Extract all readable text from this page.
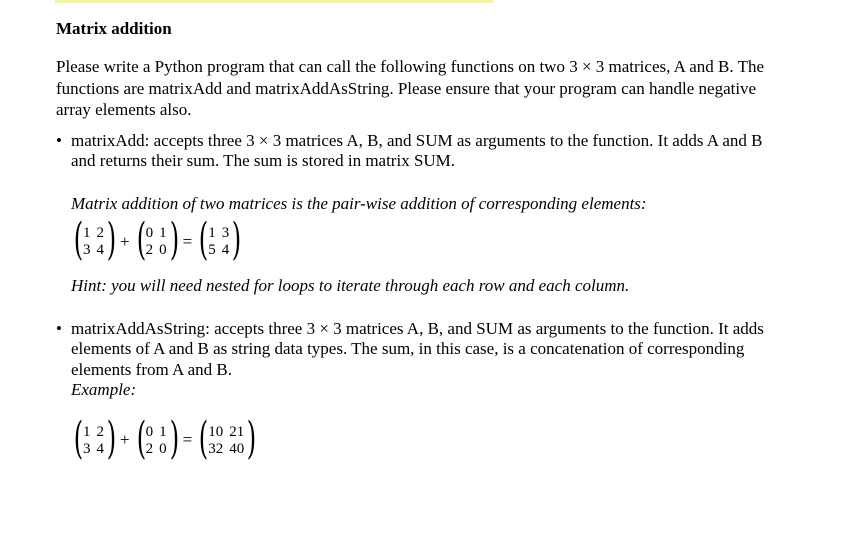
Matrix addition

Please write a Python program that can call the following functions on two 3 × 3 matrices, A and B. The functions are matrixAdd and matrixAddAsString. Please ensure that your program can handle negative array elements also.

• matrixAdd: accepts three 3 × 3 matrices A, B, and SUM as arguments to the function. It adds A and B and returns their sum. The sum is stored in matrix SUM.
Matrix addition of two matrices is the pair-wise addition of corresponding elements:
( 1 2
3 4 ) + ( 0 1
2 0 ) = ( 1 3
5 4 )
Hint: you will need nested for loops to iterate through each row and each column.
• matrixAddAsString: accepts three 3 × 3 matrices A, B, and SUM as arguments to the function. It adds elements of A and B as string data types. The sum, in this case, is a concatenation of corresponding elements from A and B.
Example:
( 1 2
3 4 ) + ( 0 1
2 0 ) = ( 10 21
32 40 )
